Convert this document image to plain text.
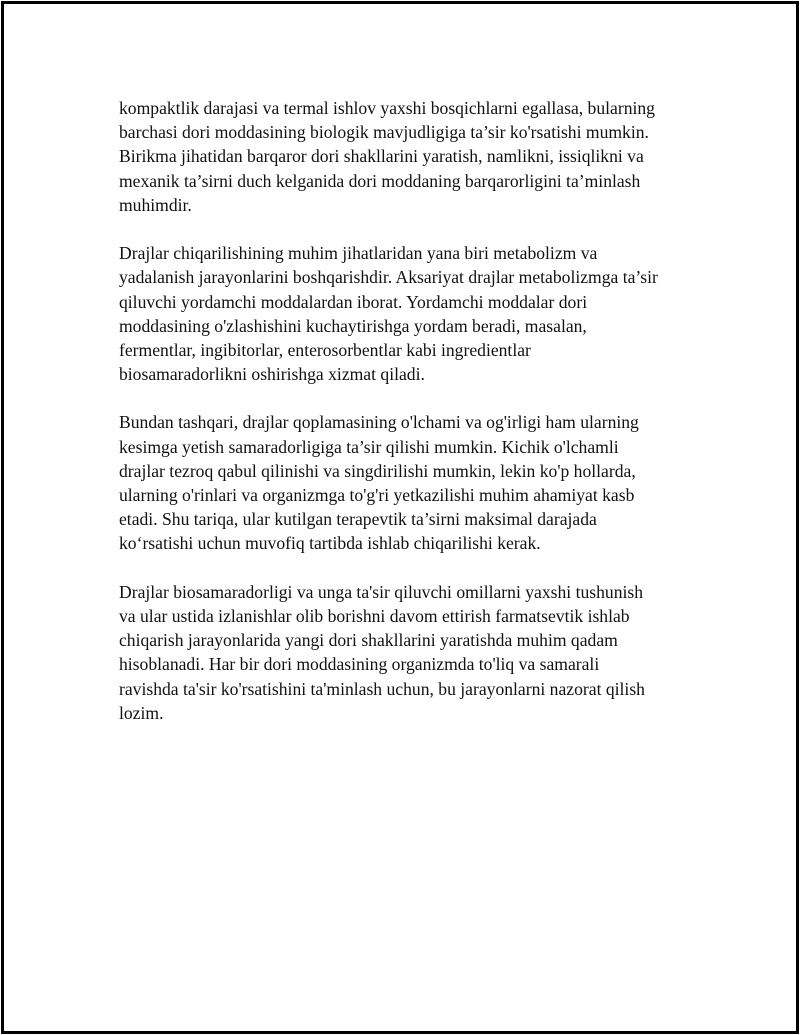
kompaktlik darajasi va termal ishlov yaxshi bosqichlarni egallasa, bularning
barchasi dori moddasining biologik mavjudligiga ta’sir ko'rsatishi mumkin.
Birikma jihatidan barqaror dori shakllarini yaratish, namlikni, issiqlikni va
mexanik ta’sirni duch kelganida dori moddaning barqarorligini ta’minlash
muhimdir.

Drajlar chiqarilishining muhim jihatlaridan yana biri metabolizm va
yadalanish jarayonlarini boshqarishdir. Aksariyat drajlar metabolizmga ta’sir
qiluvchi yordamchi moddalardan iborat. Yordamchi moddalar dori
moddasining o'zlashishini kuchaytirishga yordam beradi, masalan,
fermentlar, ingibitorlar, enterosorbentlar kabi ingredientlar
biosamaradorlikni oshirishga xizmat qiladi.

Bundan tashqari, drajlar qoplamasining o'lchami va og'irligi ham ularning
kesimga yetish samaradorligiga ta’sir qilishi mumkin. Kichik o'lchamli
drajlar tezroq qabul qilinishi va singdirilishi mumkin, lekin ko'p hollarda,
ularning o'rinlari va organizmga to'g'ri yetkazilishi muhim ahamiyat kasb
etadi. Shu tariqa, ular kutilgan terapevtik ta’sirni maksimal darajada
ko‘rsatishi uchun muvofiq tartibda ishlab chiqarilishi kerak.

Drajlar biosamaradorligi va unga ta'sir qiluvchi omillarni yaxshi tushunish
va ular ustida izlanishlar olib borishni davom ettirish farmatsevtik ishlab
chiqarish jarayonlarida yangi dori shakllarini yaratishda muhim qadam
hisoblanadi. Har bir dori moddasining organizmda to'liq va samarali
ravishda ta'sir ko'rsatishini ta'minlash uchun, bu jarayonlarni nazorat qilish
lozim.
